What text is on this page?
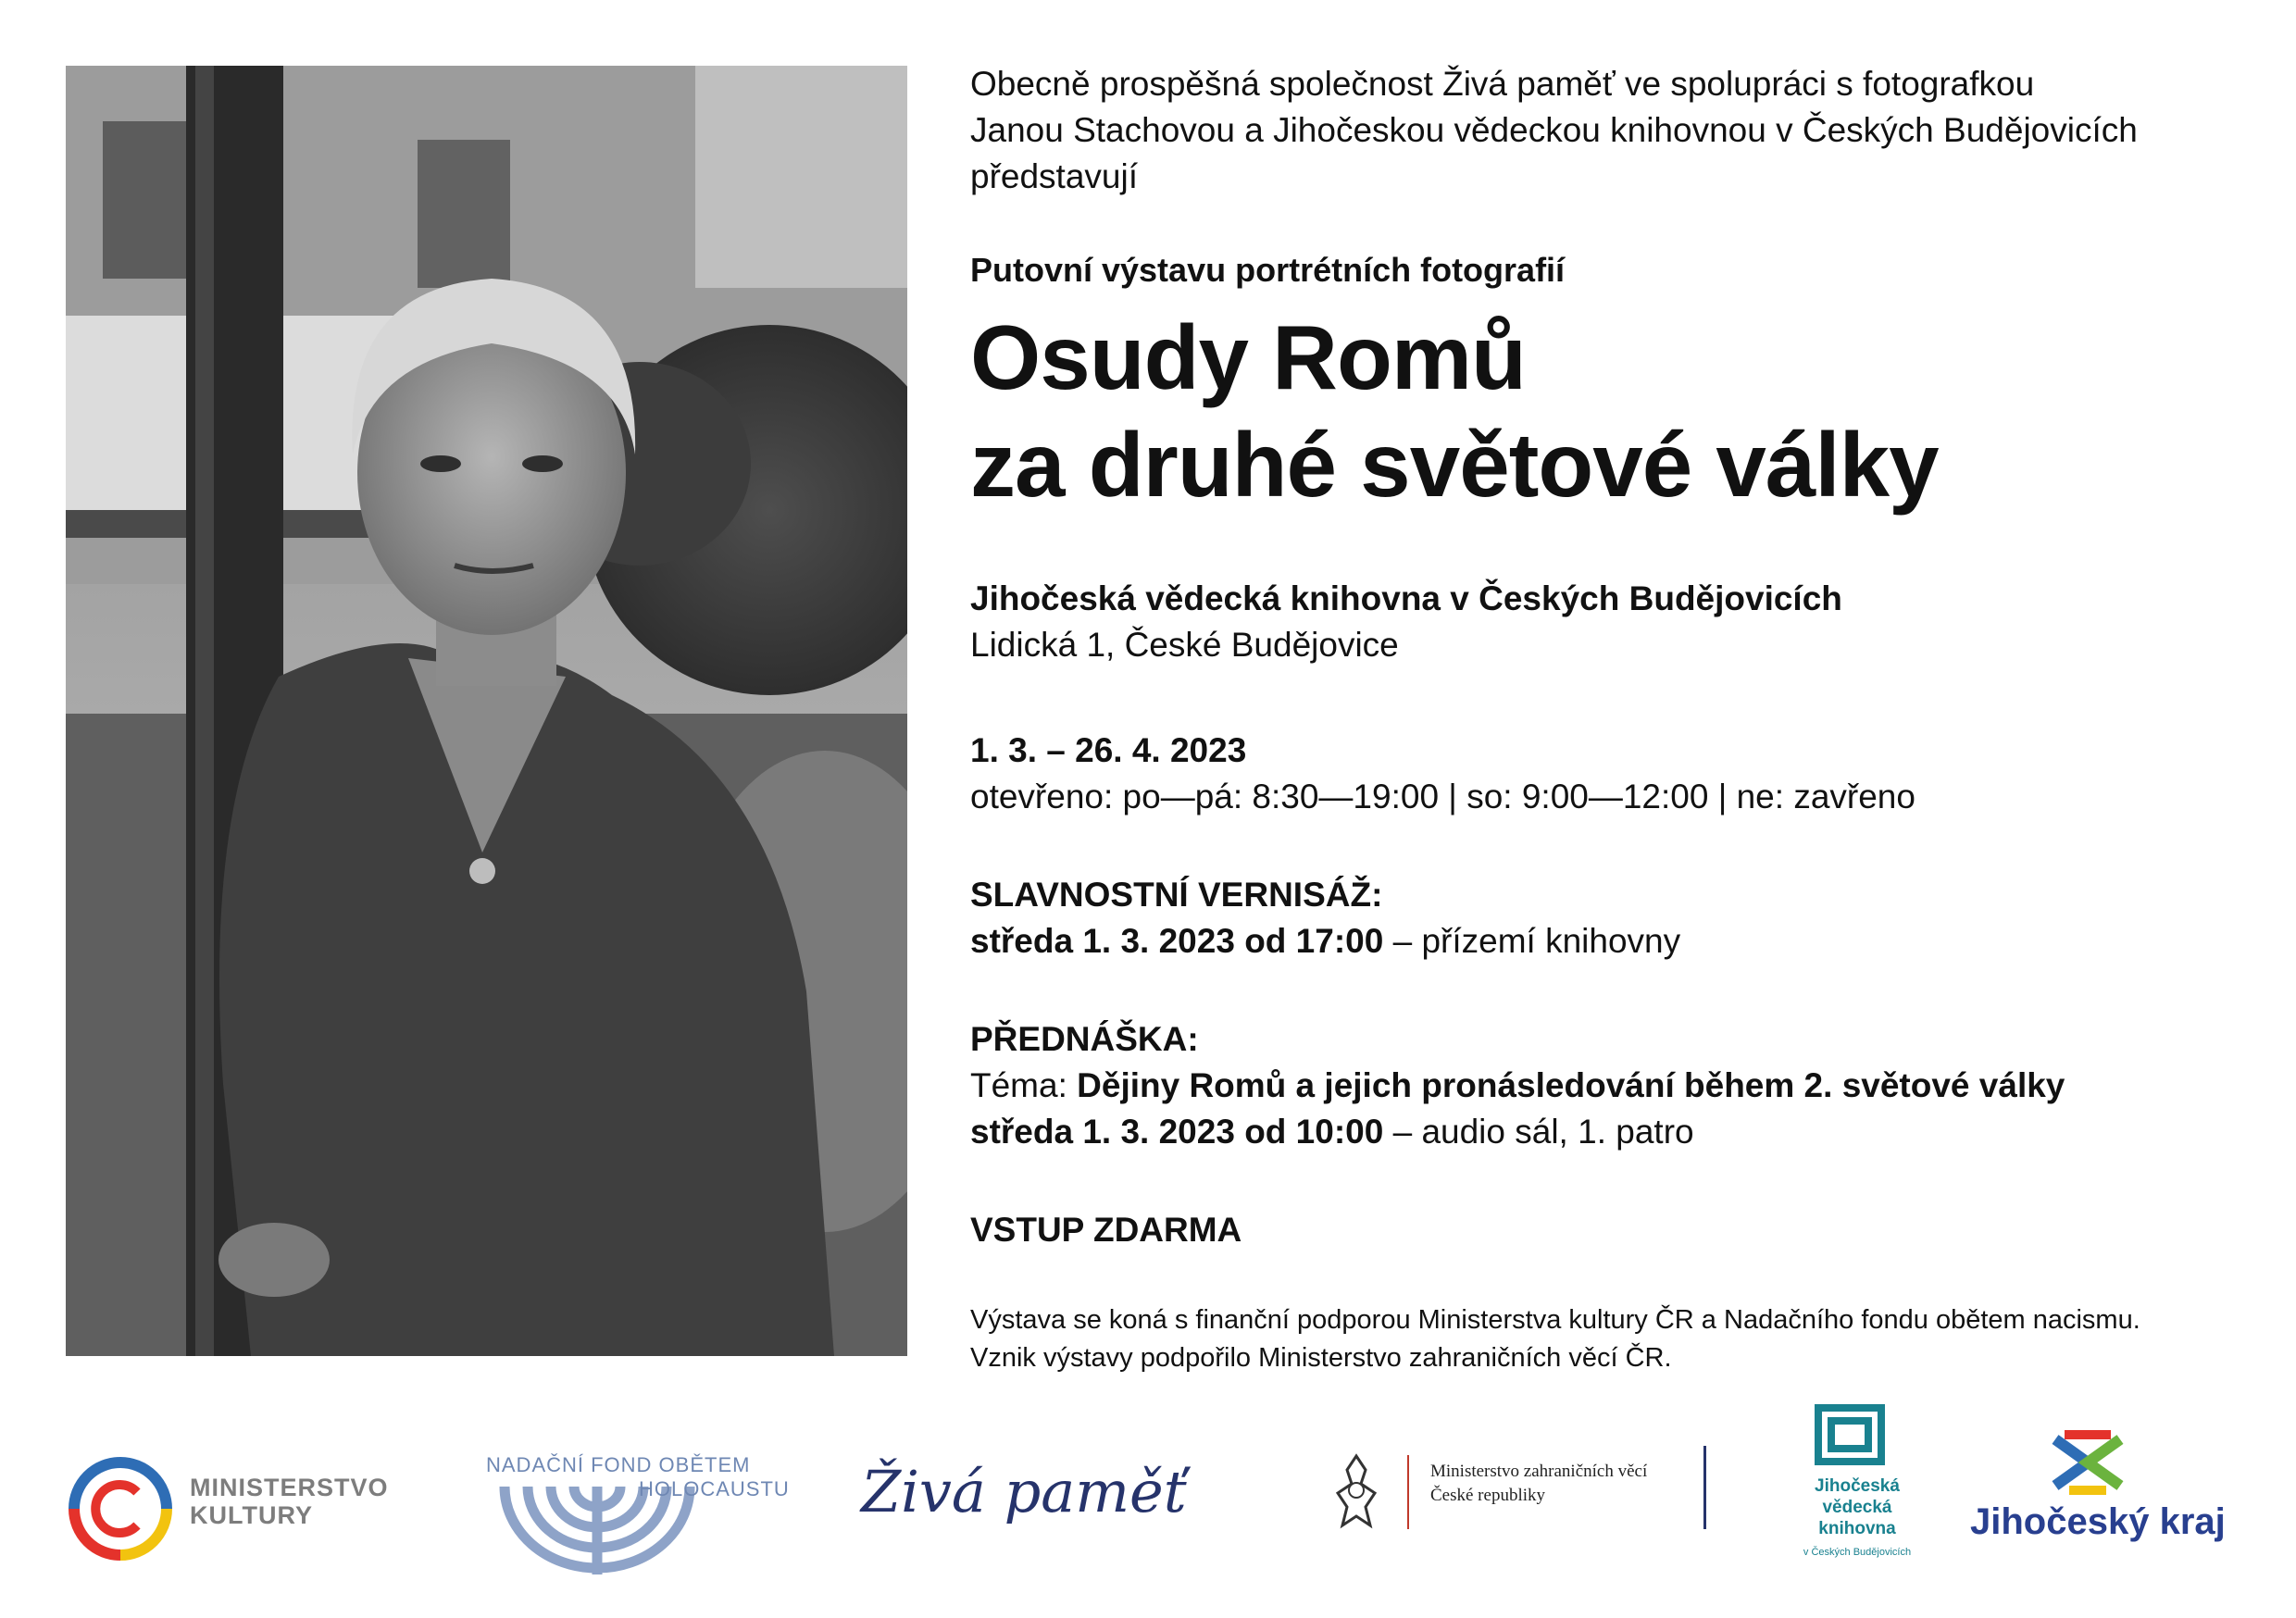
Obecně prospěšná společnost Živá paměť ve spolupráci s fotografkou
Janou Stachovou a Jihočeskou vědeckou knihovnou v Českých Budějovicích
představují

Putovní výstavu portrétních fotografií

Osudy Romů
za druhé světové války

Jihočeská vědecká knihovna v Českých Budějovicích
Lidická 1, České Budějovice

1. 3. – 26. 4. 2023
otevřeno: po—pá: 8:30—19:00 | so: 9:00—12:00 | ne: zavřeno

SLAVNOSTNÍ VERNISÁŽ:
středa 1. 3. 2023 od 17:00 – přízemí knihovny

PŘEDNÁŠKA:
Téma: Dějiny Romů a jejich pronásledování během 2. světové války
středa 1. 3. 2023 od 10:00 – audio sál, 1. patro

VSTUP ZDARMA

Výstava se koná s finanční podporou Ministerstva kultury ČR a Nadačního fondu obětem nacismu.
Vznik výstavy podpořilo Ministerstvo zahraničních věcí ČR.

MINISTERSTVO
KULTURY
NADAČNÍ FOND OBĚTEM
HOLOCAUSTU Živá paměť	Ministerstvo zahraničních věcí
České republiky	Jihočeská
vědecká
knihovna
v Českých Budějovicích
Jihočeský kraj
